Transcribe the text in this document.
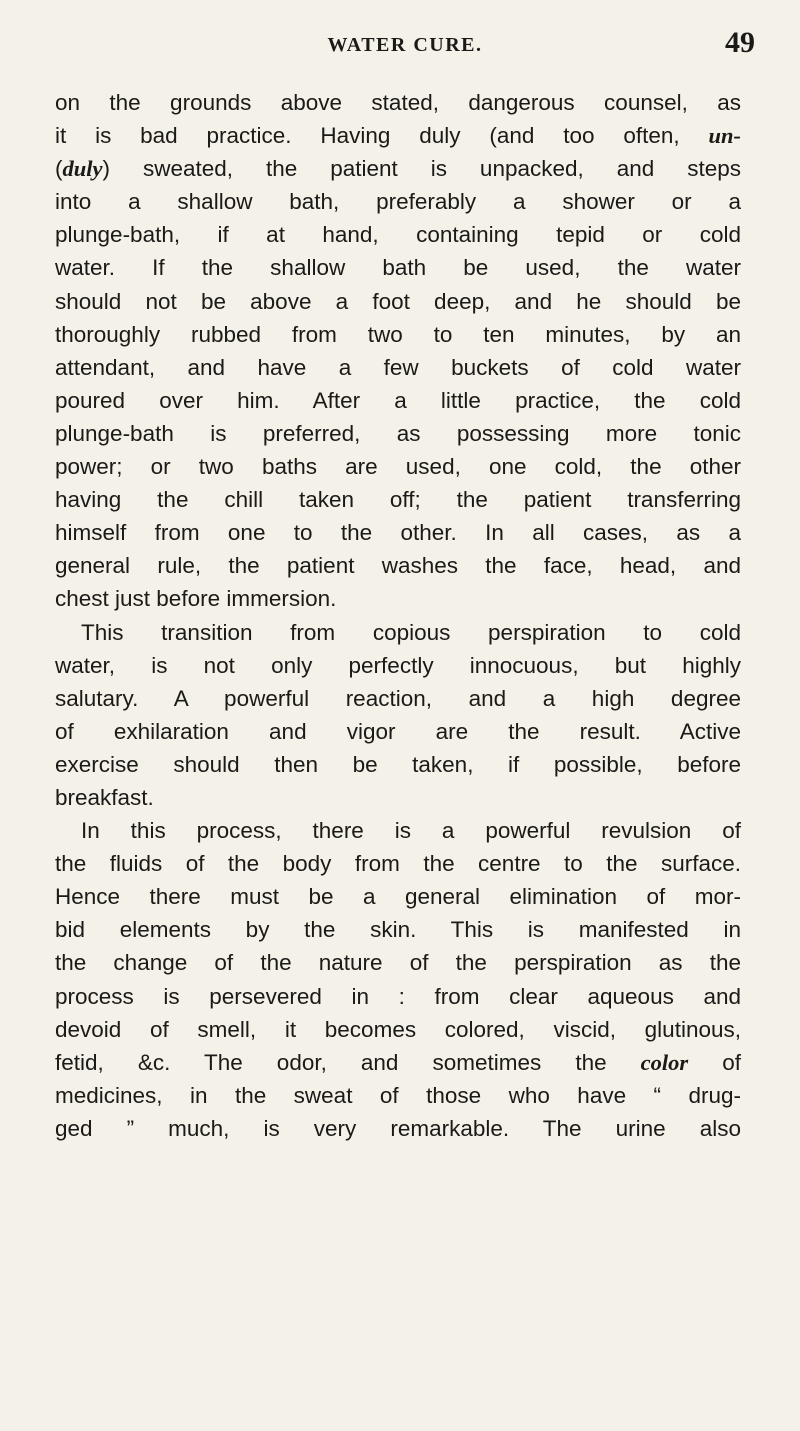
WATER CURE.	49
on the grounds above stated, dangerous counsel, as
it is bad practice. Having duly (and too often, un-
(duly) sweated, the patient is unpacked, and steps
into a shallow bath, preferably a shower or a
plunge-bath, if at hand, containing tepid or cold
water. If the shallow bath be used, the water
should not be above a foot deep, and he should be
thoroughly rubbed from two to ten minutes, by an
attendant, and have a few buckets of cold water
poured over him. After a little practice, the cold
plunge-bath is preferred, as possessing more tonic
power; or two baths are used, one cold, the other
having the chill taken off; the patient transferring
himself from one to the other. In all cases, as a
general rule, the patient washes the face, head, and
chest just before immersion.
This transition from copious perspiration to cold
water, is not only perfectly innocuous, but highly
salutary. A powerful reaction, and a high degree
of exhilaration and vigor are the result. Active
exercise should then be taken, if possible, before
breakfast.
In this process, there is a powerful revulsion of
the fluids of the body from the centre to the surface.
Hence there must be a general elimination of mor-
bid elements by the skin. This is manifested in
the change of the nature of the perspiration as the
process is persevered in : from clear aqueous and
devoid of smell, it becomes colored, viscid, glutinous,
fetid, &c. The odor, and sometimes the color of
medicines, in the sweat of those who have “ drug-
ged ” much, is very remarkable. The urine also
